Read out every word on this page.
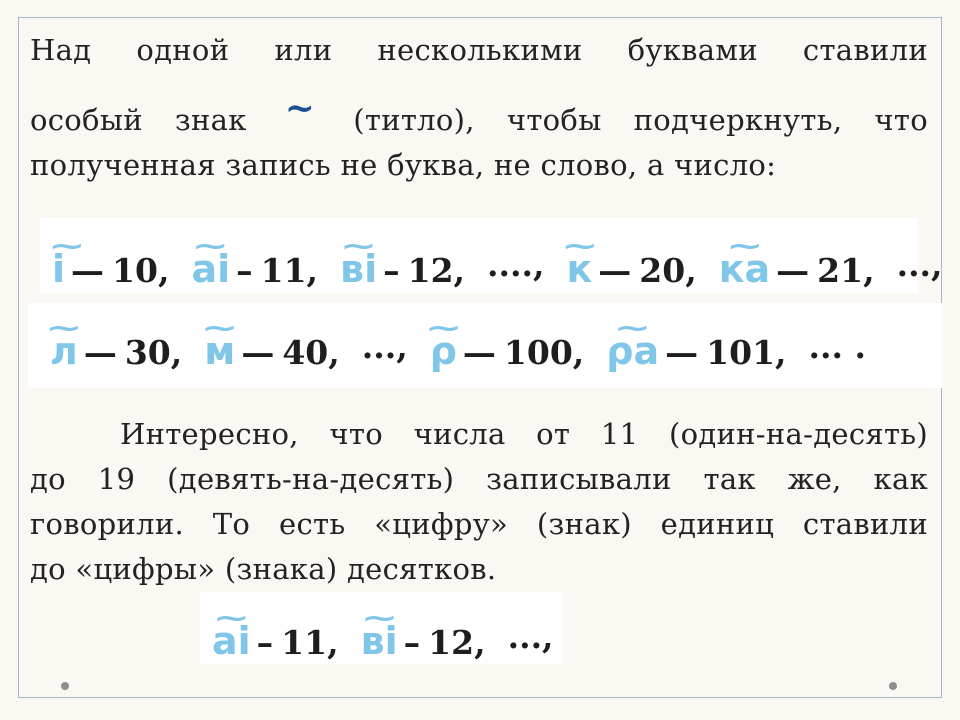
Над одной или несколькими буквами ставили
особый знак ~ (титло), чтобы подчеркнуть, что
полученная запись не буква, не слово, а число:
~ і — 10, ~ аі – 11, ~ ві – 12, ...., ~ к — 20, ~ ка — 21, ...,
~ л — 30, ~ м — 40, ..., ~ ρ — 100, ~ ρа — 101, ... .
Интересно, что числа от 11 (один-на-десять)
до 19 (девять-на-десять) записывали так же, как
говорили. То есть «цифру» (знак) единиц ставили
до «цифры» (знака) десятков.
~ аі – 11, ~ ві – 12, ...,
